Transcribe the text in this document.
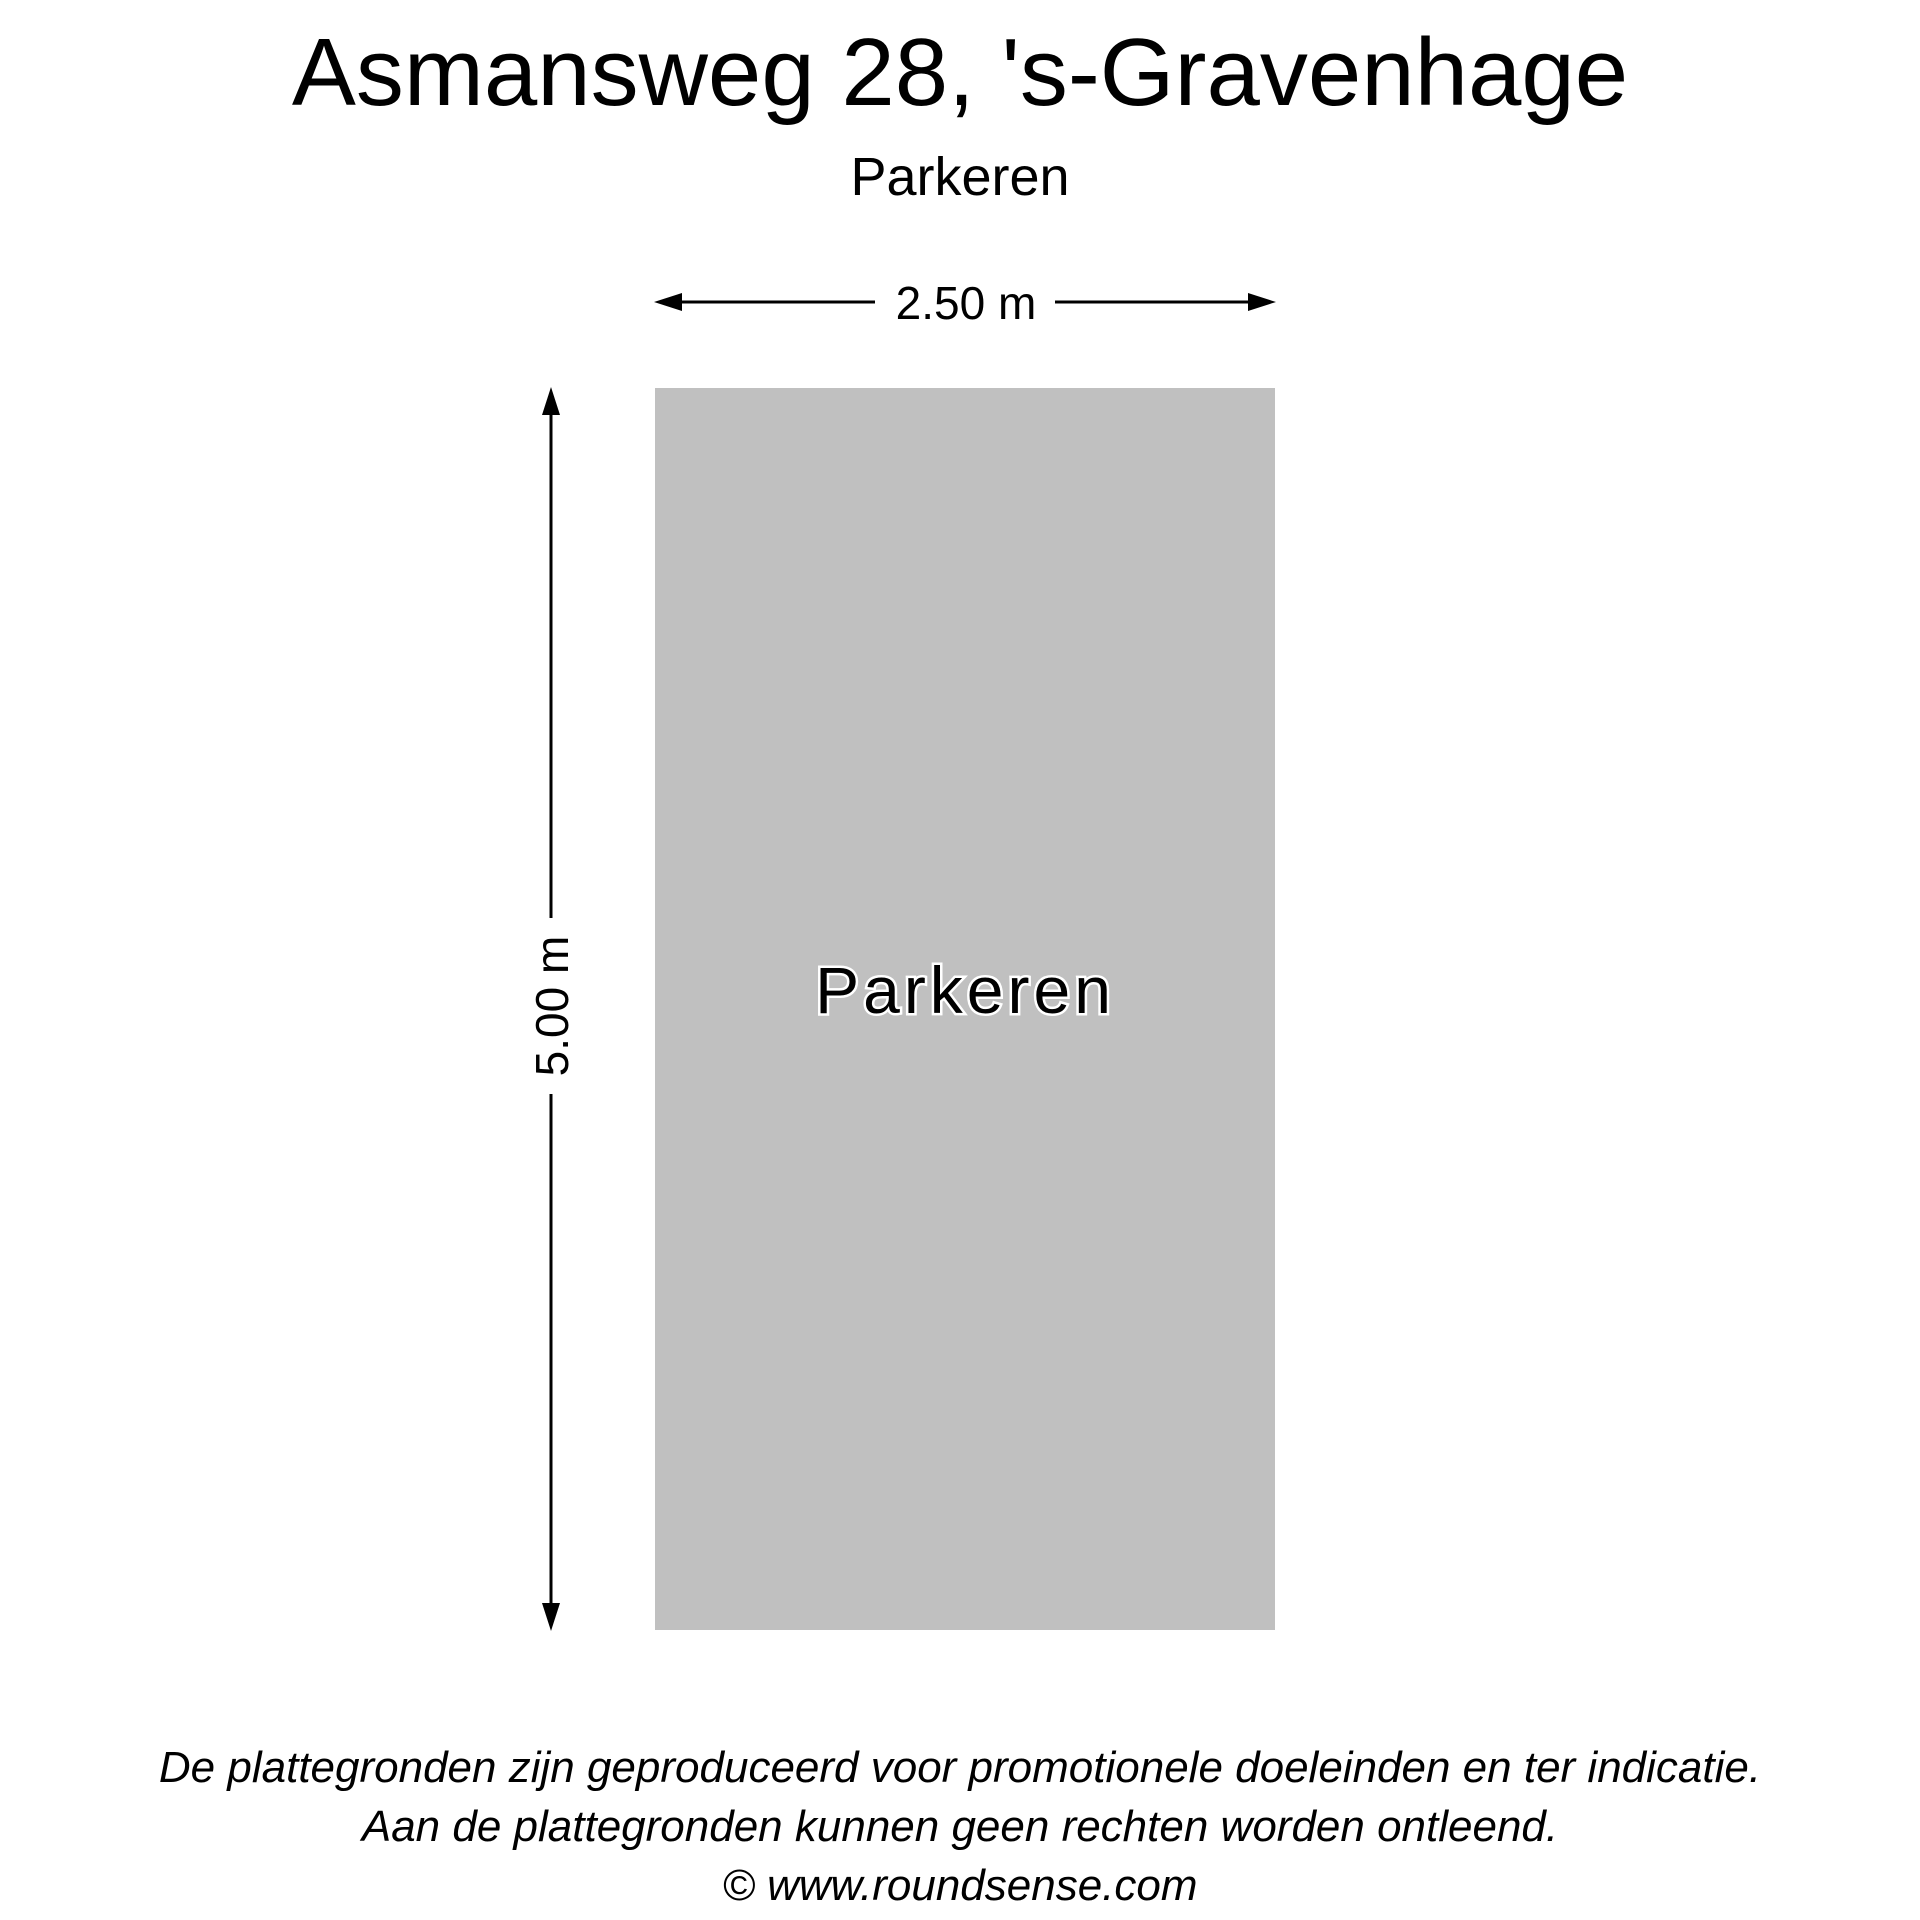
Asmansweg 28, 's-Gravenhage
Parkeren
Parkeren
2.50 m
5.00 m
De plattegronden zijn geproduceerd voor promotionele doeleinden en ter indicatie.
Aan de plattegronden kunnen geen rechten worden ontleend.
© www.roundsense.com
